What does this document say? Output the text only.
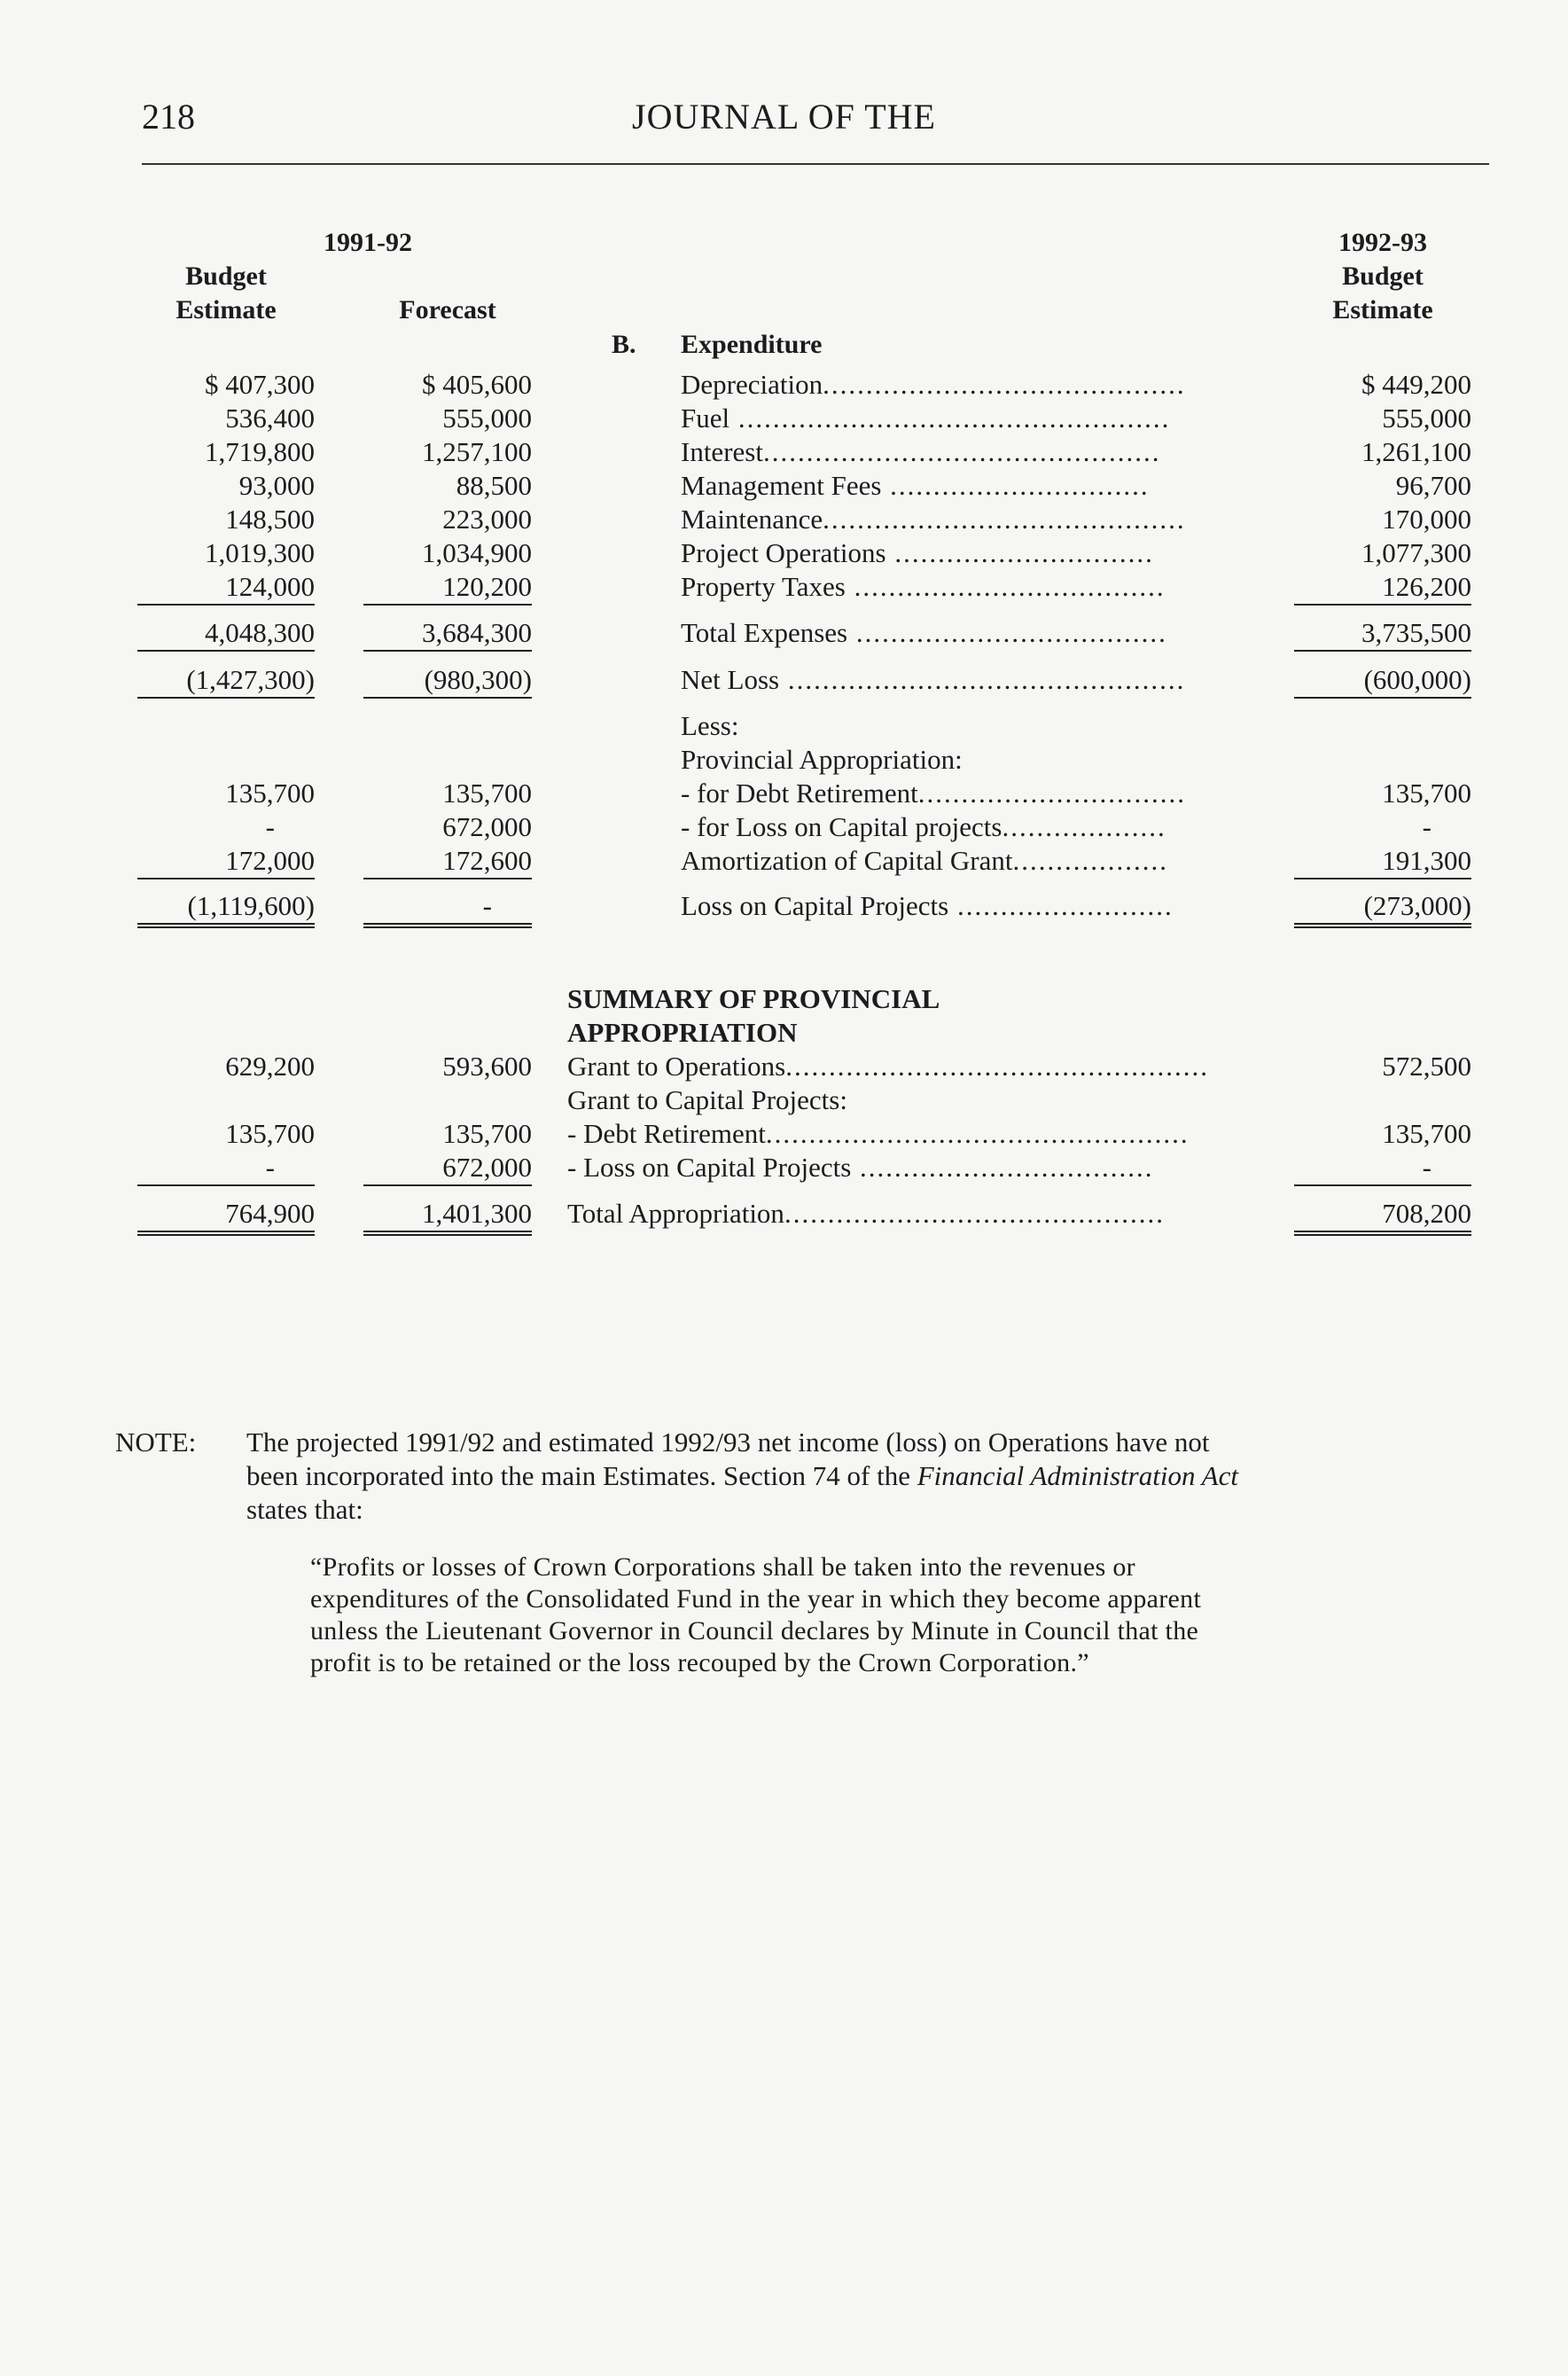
218	JOURNAL OF THE
1991-92
Budget
Estimate	Forecast
1992-93
Budget
Estimate
B. Expenditure
$ 407,300	$ 405,600	Depreciation..........................................	$ 449,200
536,400	555,000	Fuel ..................................................	555,000
1,719,800	1,257,100	Interest..............................................	1,261,100
93,000	88,500	Management Fees ..............................	96,700
148,500	223,000	Maintenance..........................................	170,000
1,019,300	1,034,900	Project Operations ..............................	1,077,300
124,000	120,200	Property Taxes ....................................	126,200
4,048,300	3,684,300	Total Expenses ....................................	3,735,500
(1,427,300)	(980,300)	Net Loss ..............................................	(600,000)
Less:
Provincial Appropriation:
135,700	135,700	- for Debt Retirement...............................	135,700
-	672,000	- for Loss on Capital projects...................	-
172,000	172,600	Amortization of Capital Grant..................	191,300
(1,119,600)	-	Loss on Capital Projects .........................	(273,000)
SUMMARY OF PROVINCIAL
APPROPRIATION
629,200	593,600 Grant to Operations.................................................	572,500
Grant to Capital Projects:
135,700	135,700 - Debt Retirement.................................................	135,700
-	672,000 - Loss on Capital Projects ..................................	-
764,900	1,401,300 Total Appropriation............................................	708,200
NOTE: The projected 1991/92 and estimated 1992/93 net income (loss) on Operations have not
been incorporated into the main Estimates. Section 74 of the Financial Administration Act
states that:
“Profits or losses of Crown Corporations shall be taken into the revenues or
expenditures of the Consolidated Fund in the year in which they become apparent
unless the Lieutenant Governor in Council declares by Minute in Council that the
profit is to be retained or the loss recouped by the Crown Corporation.”
